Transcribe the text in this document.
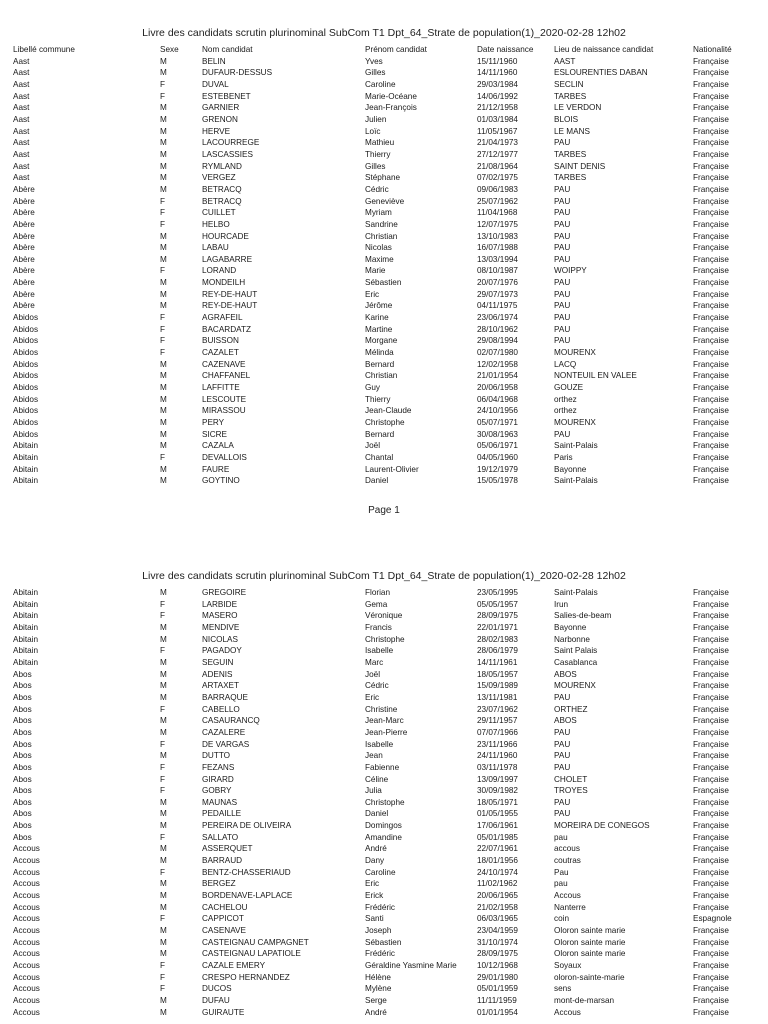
Livre des candidats scrutin plurinominal SubCom T1 Dpt_64_Strate de population(1)_2020-02-28 12h02
Libellé commune	Sexe	Nom candidat	Prénom candidat	Date naissance	Lieu de naissance candidat	Nationalité
Aast	M	BELIN	Yves	15/11/1960	AAST	Française
Aast	M	DUFAUR-DESSUS	Gilles	14/11/1960	ESLOURENTIES DABAN	Française
Aast	F	DUVAL	Caroline	29/03/1984	SECLIN	Française
Aast	F	ESTEBENET	Marie-Océane	14/06/1992	TARBES	Française
Aast	M	GARNIER	Jean-François	21/12/1958	LE VERDON	Française
Aast	M	GRENON	Julien	01/03/1984	BLOIS	Française
Aast	M	HERVE	Loïc	11/05/1967	LE MANS	Française
Aast	M	LACOURREGE	Mathieu	21/04/1973	PAU	Française
Aast	M	LASCASSIES	Thierry	27/12/1977	TARBES	Française
Aast	M	RYMLAND	Gilles	21/08/1964	SAINT DENIS	Française
Aast	M	VERGEZ	Stéphane	07/02/1975	TARBES	Française
Abère	M	BETRACQ	Cédric	09/06/1983	PAU	Française
Abère	F	BETRACQ	Geneviève	25/07/1962	PAU	Française
Abère	F	CUILLET	Myriam	11/04/1968	PAU	Française
Abère	F	HELBO	Sandrine	12/07/1975	PAU	Française
Abère	M	HOURCADE	Christian	13/10/1983	PAU	Française
Abère	M	LABAU	Nicolas	16/07/1988	PAU	Française
Abère	M	LAGABARRE	Maxime	13/03/1994	PAU	Française
Abère	F	LORAND	Marie	08/10/1987	WOIPPY	Française
Abère	M	MONDEILH	Sébastien	20/07/1976	PAU	Française
Abère	M	REY-DE-HAUT	Eric	29/07/1973	PAU	Française
Abère	M	REY-DE-HAUT	Jérôme	04/11/1975	PAU	Française
Abidos	F	AGRAFEIL	Karine	23/06/1974	PAU	Française
Abidos	F	BACARDATZ	Martine	28/10/1962	PAU	Française
Abidos	F	BUISSON	Morgane	29/08/1994	PAU	Française
Abidos	F	CAZALET	Mélinda	02/07/1980	MOURENX	Française
Abidos	M	CAZENAVE	Bernard	12/02/1958	LACQ	Française
Abidos	M	CHAFFANEL	Christian	21/01/1954	NONTEUIL EN VALEE	Française
Abidos	M	LAFFITTE	Guy	20/06/1958	GOUZE	Française
Abidos	M	LESCOUTE	Thierry	06/04/1968	orthez	Française
Abidos	M	MIRASSOU	Jean-Claude	24/10/1956	orthez	Française
Abidos	M	PERY	Christophe	05/07/1971	MOURENX	Française
Abidos	M	SICRE	Bernard	30/08/1963	PAU	Française
Abitain	M	CAZALA	Joël	05/06/1971	Saint-Palais	Française
Abitain	F	DEVALLOIS	Chantal	04/05/1960	Paris	Française
Abitain	M	FAURE	Laurent-Olivier	19/12/1979	Bayonne	Française
Abitain	M	GOYTINO	Daniel	15/05/1978	Saint-Palais	Française
Page 1
Livre des candidats scrutin plurinominal SubCom T1 Dpt_64_Strate de population(1)_2020-02-28 12h02
Abitain	M	GREGOIRE	Florian	23/05/1995	Saint-Palais	Française
Abitain	F	LARBIDE	Gema	05/05/1957	Irun	Française
Abitain	F	MASERO	Véronique	28/09/1975	Salies-de-beam	Française
Abitain	M	MENDIVE	Francis	22/01/1971	Bayonne	Française
Abitain	M	NICOLAS	Christophe	28/02/1983	Narbonne	Française
Abitain	F	PAGADOY	Isabelle	28/06/1979	Saint Palais	Française
Abitain	M	SEGUIN	Marc	14/11/1961	Casablanca	Française
Abos	M	ADENIS	Joël	18/05/1957	ABOS	Française
Abos	M	ARTAXET	Cédric	15/09/1989	MOURENX	Française
Abos	M	BARRAQUE	Eric	13/11/1981	PAU	Française
Abos	F	CABELLO	Christine	23/07/1962	ORTHEZ	Française
Abos	M	CASAURANCQ	Jean-Marc	29/11/1957	ABOS	Française
Abos	M	CAZALERE	Jean-Pierre	07/07/1966	PAU	Française
Abos	F	DE VARGAS	Isabelle	23/11/1966	PAU	Française
Abos	M	DUTTO	Jean	24/11/1960	PAU	Française
Abos	F	FEZANS	Fabienne	03/11/1978	PAU	Française
Abos	F	GIRARD	Céline	13/09/1997	CHOLET	Française
Abos	F	GOBRY	Julia	30/09/1982	TROYES	Française
Abos	M	MAUNAS	Christophe	18/05/1971	PAU	Française
Abos	M	PEDAILLE	Daniel	01/05/1955	PAU	Française
Abos	M	PEREIRA DE OLIVEIRA	Domingos	17/06/1961	MOREIRA DE CONEGOS	Française
Abos	F	SALLATO	Amandine	05/01/1985	pau	Française
Accous	M	ASSERQUET	André	22/07/1961	accous	Française
Accous	M	BARRAUD	Dany	18/01/1956	coutras	Française
Accous	F	BENTZ-CHASSERIAUD	Caroline	24/10/1974	Pau	Française
Accous	M	BERGEZ	Eric	11/02/1962	pau	Française
Accous	M	BORDENAVE-LAPLACE	Erick	20/06/1965	Accous	Française
Accous	M	CACHELOU	Frédéric	21/02/1958	Nanterre	Française
Accous	F	CAPPICOT	Santi	06/03/1965	coin	Espagnole
Accous	M	CASENAVE	Joseph	23/04/1959	Oloron sainte marie	Française
Accous	M	CASTEIGNAU CAMPAGNET	Sébastien	31/10/1974	Oloron sainte marie	Française
Accous	M	CASTEIGNAU LAPATIOLE	Frédéric	28/09/1975	Oloron sainte marie	Française
Accous	F	CAZALE EMERY	Géraldine Yasmine Marie	10/12/1968	Soyaux	Française
Accous	F	CRESPO HERNANDEZ	Hélène	29/01/1980	oloron-sainte-marie	Française
Accous	F	DUCOS	Mylène	05/01/1959	sens	Française
Accous	M	DUFAU	Serge	11/11/1959	mont-de-marsan	Française
Accous	M	GUIRAUTE	André	01/01/1954	Accous	Française
